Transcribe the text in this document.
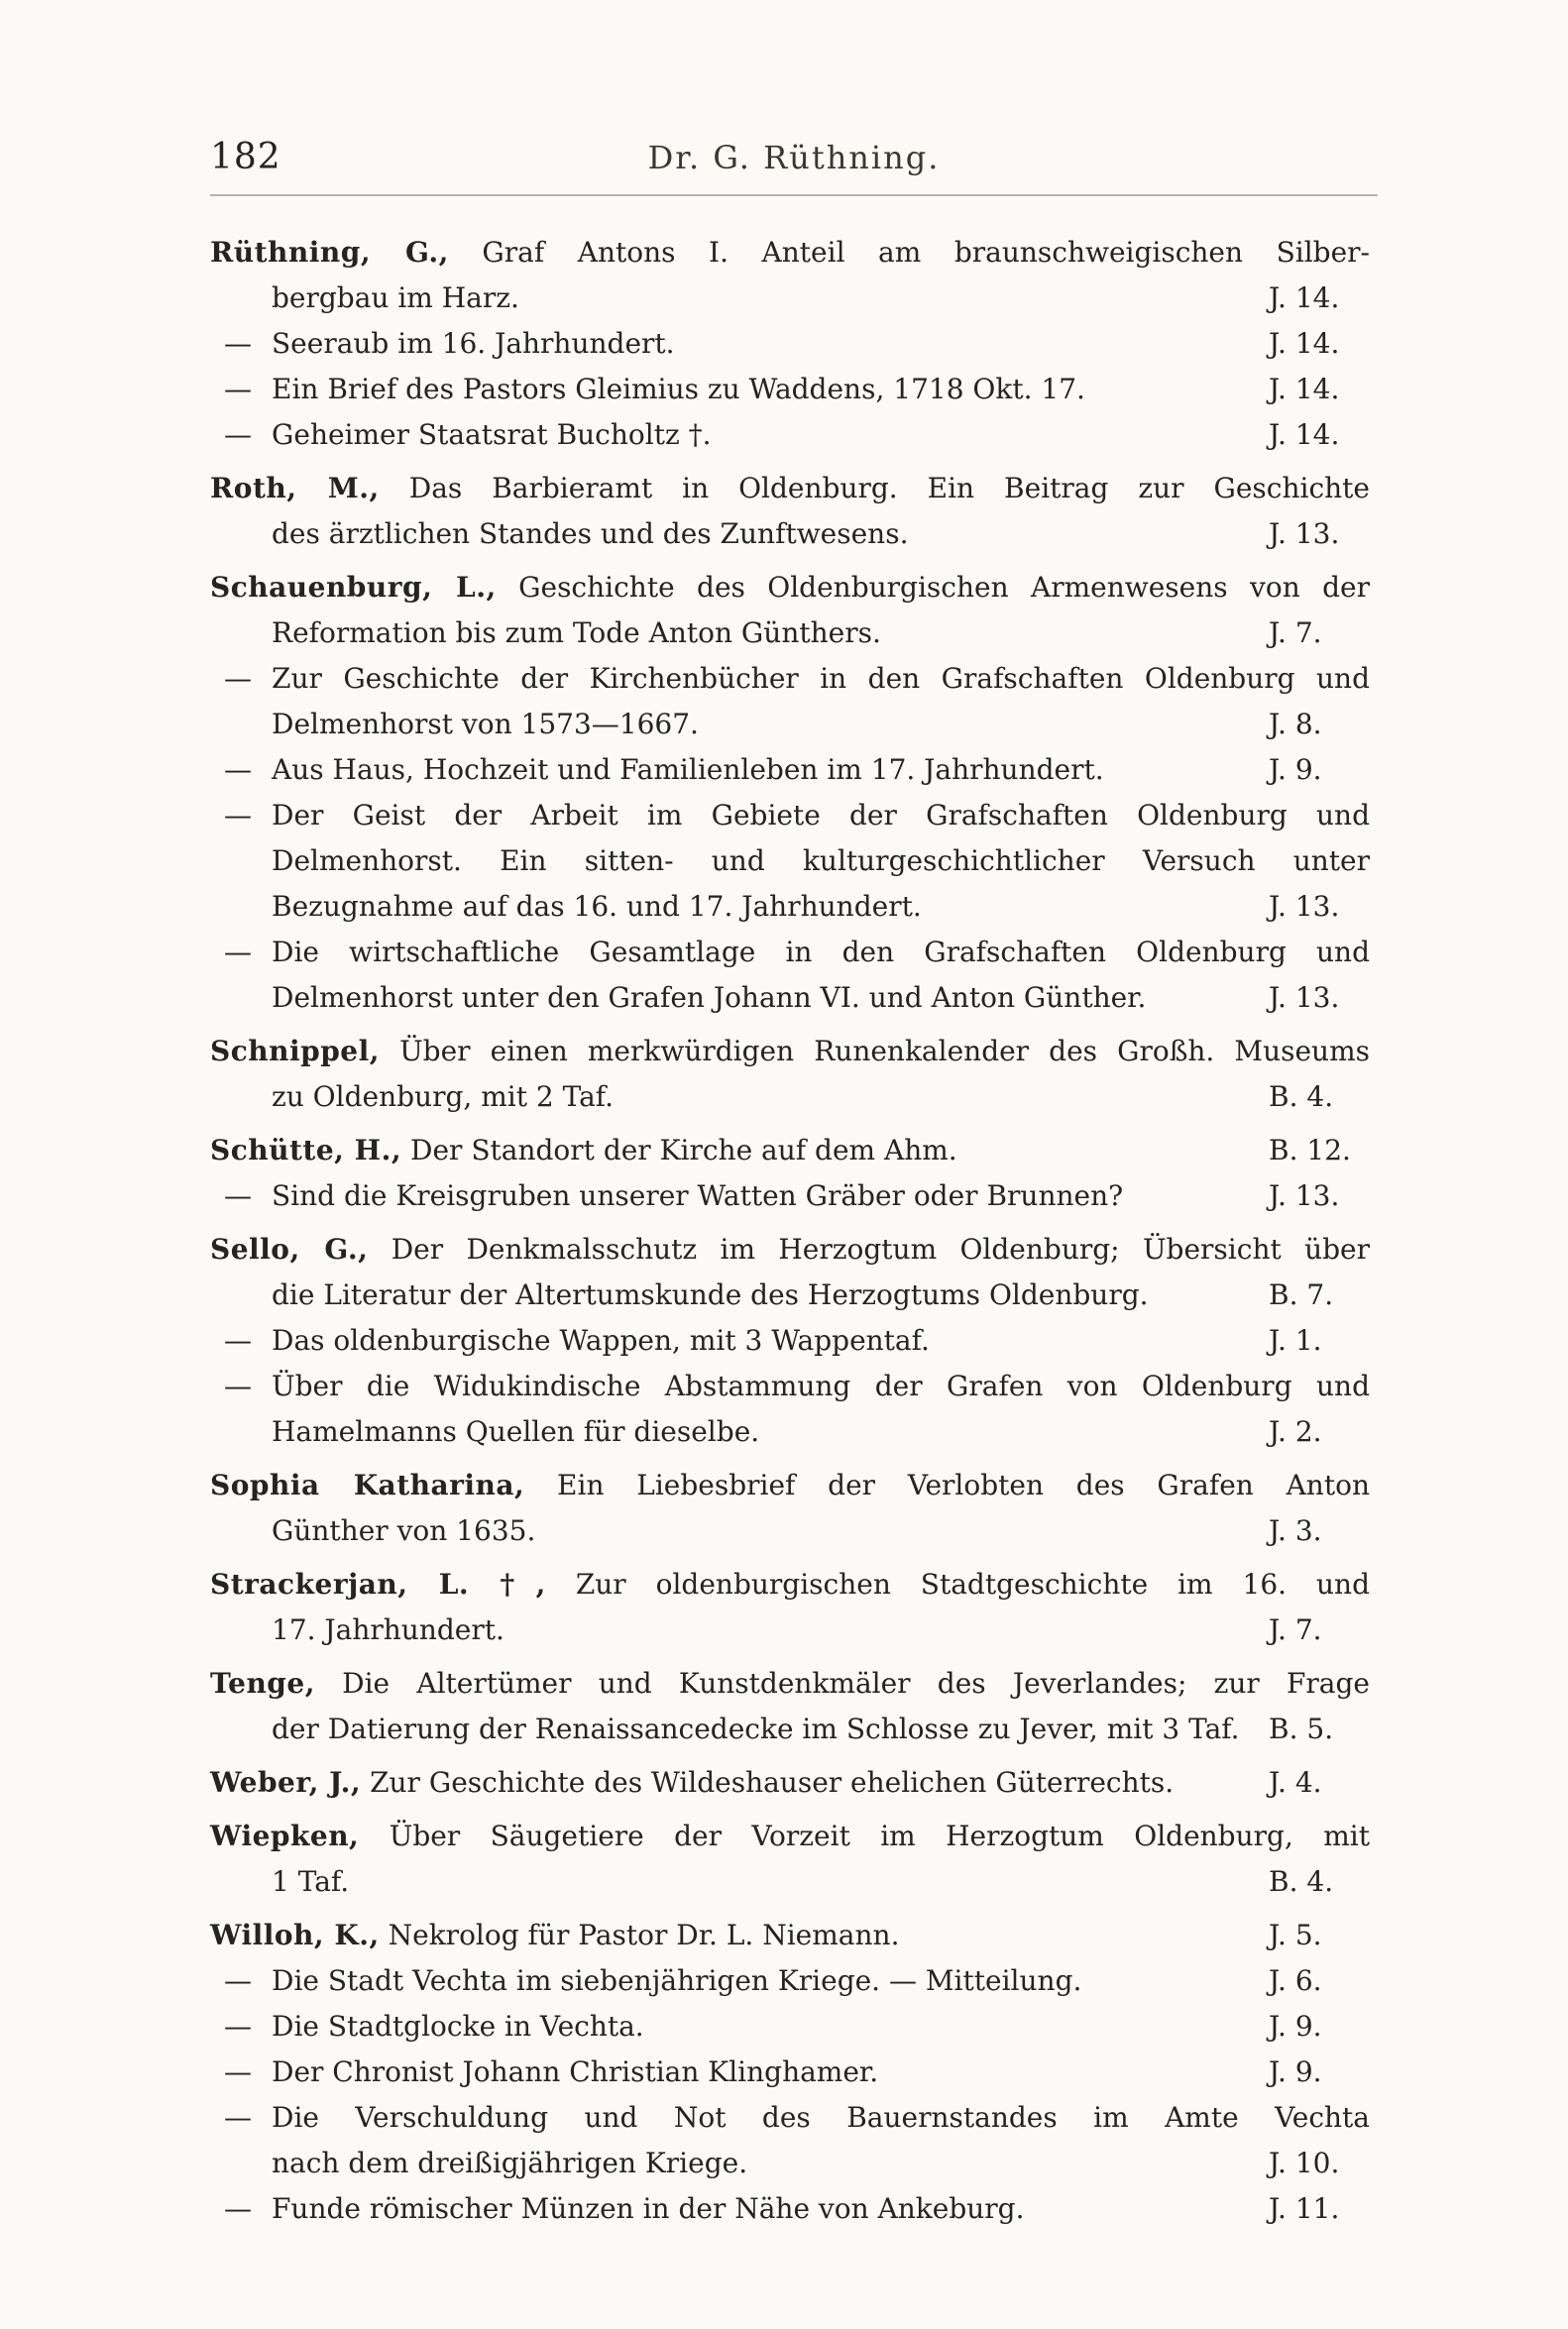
182	Dr. G. Rüthning.
Rüthning, G., Graf Antons I. Anteil am braunschweigischen Silber-
bergbau im Harz.	J. 14.
— Seeraub im 16. Jahrhundert.	J. 14.
— Ein Brief des Pastors Gleimius zu Waddens, 1718 Okt. 17.	J. 14.
— Geheimer Staatsrat Bucholtz †.	J. 14.
Roth, M., Das Barbieramt in Oldenburg. Ein Beitrag zur Geschichte
des ärztlichen Standes und des Zunftwesens.	J. 13.
Schauenburg, L., Geschichte des Oldenburgischen Armenwesens von der
Reformation bis zum Tode Anton Günthers.	J. 7.
— Zur Geschichte der Kirchenbücher in den Grafschaften Oldenburg und
Delmenhorst von 1573—1667.	J. 8.
— Aus Haus, Hochzeit und Familienleben im 17. Jahrhundert.	J. 9.
— Der Geist der Arbeit im Gebiete der Grafschaften Oldenburg und
Delmenhorst. Ein sitten- und kulturgeschichtlicher Versuch unter
Bezugnahme auf das 16. und 17. Jahrhundert.	J. 13.
— Die wirtschaftliche Gesamtlage in den Grafschaften Oldenburg und
Delmenhorst unter den Grafen Johann VI. und Anton Günther.	J. 13.
Schnippel, Über einen merkwürdigen Runenkalender des Großh. Museums
zu Oldenburg, mit 2 Taf.	B. 4.
Schütte, H., Der Standort der Kirche auf dem Ahm.	B. 12.
— Sind die Kreisgruben unserer Watten Gräber oder Brunnen?	J. 13.
Sello, G., Der Denkmalsschutz im Herzogtum Oldenburg; Übersicht über
die Literatur der Altertumskunde des Herzogtums Oldenburg.	B. 7.
— Das oldenburgische Wappen, mit 3 Wappentaf.	J. 1.
— Über die Widukindische Abstammung der Grafen von Oldenburg und
Hamelmanns Quellen für dieselbe.	J. 2.
Sophia Katharina, Ein Liebesbrief der Verlobten des Grafen Anton
Günther von 1635.	J. 3.
Strackerjan, L. †, Zur oldenburgischen Stadtgeschichte im 16. und
17. Jahrhundert.	J. 7.
Tenge, Die Altertümer und Kunstdenkmäler des Jeverlandes; zur Frage
der Datierung der Renaissancedecke im Schlosse zu Jever, mit 3 Taf. B. 5.
Weber, J., Zur Geschichte des Wildeshauser ehelichen Güterrechts.	J. 4.
Wiepken, Über Säugetiere der Vorzeit im Herzogtum Oldenburg, mit
1 Taf.	B. 4.
Willoh, K., Nekrolog für Pastor Dr. L. Niemann.	J. 5.
— Die Stadt Vechta im siebenjährigen Kriege. — Mitteilung.	J. 6.
— Die Stadtglocke in Vechta.	J. 9.
— Der Chronist Johann Christian Klinghamer.	J. 9.
— Die Verschuldung und Not des Bauernstandes im Amte Vechta
nach dem dreißigjährigen Kriege.	J. 10.
— Funde römischer Münzen in der Nähe von Ankeburg.	J. 11.
